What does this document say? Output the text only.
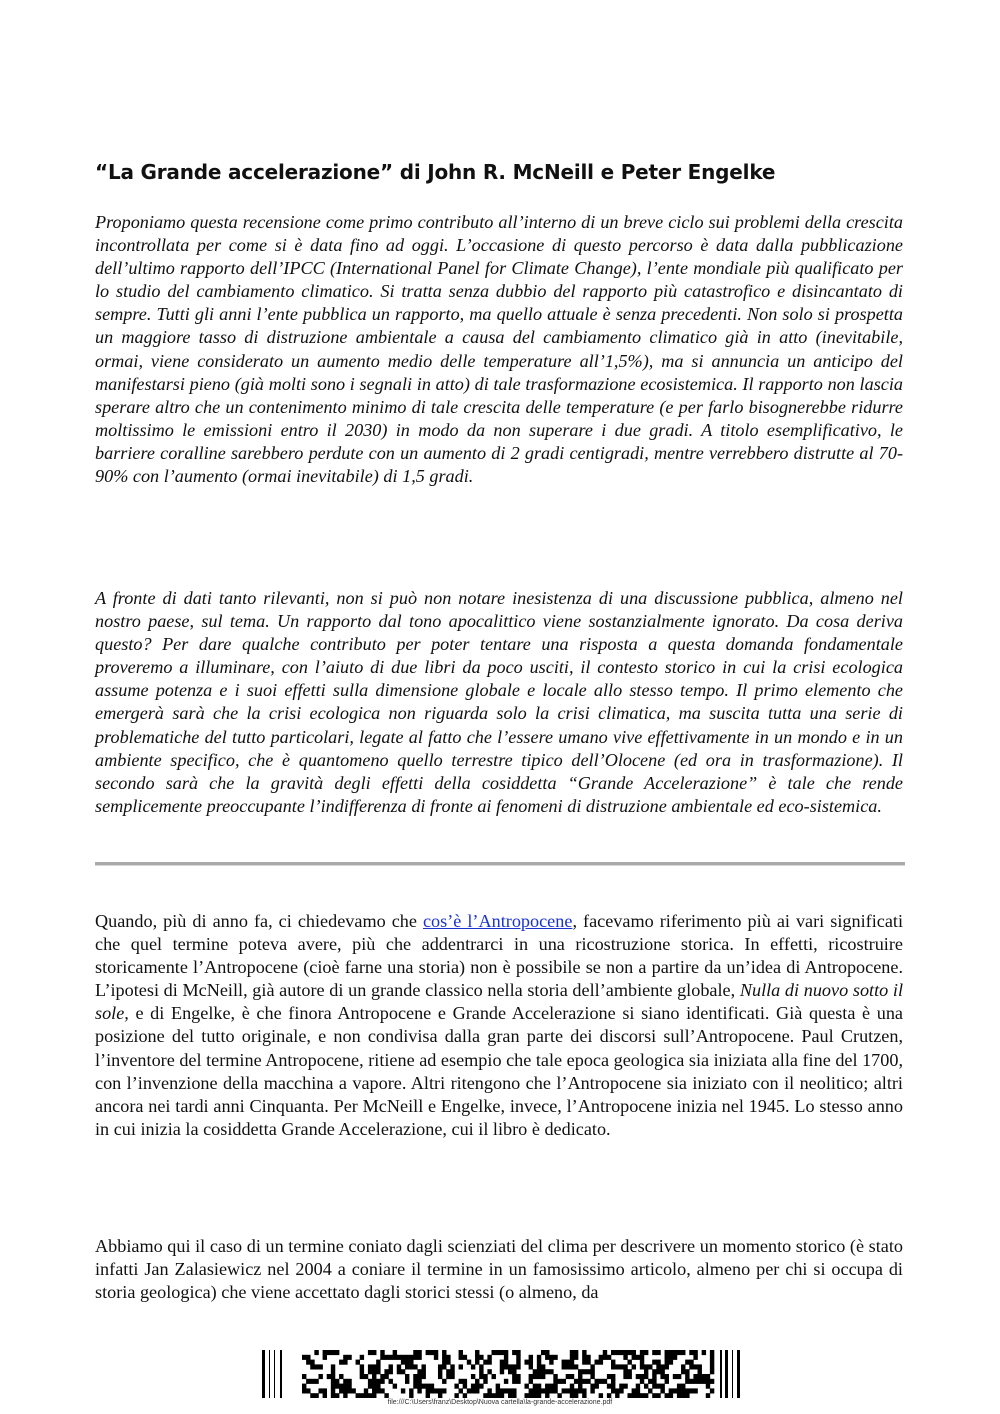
“La Grande accelerazione” di John R. McNeill e Peter Engelke

Proponiamo questa recensione come primo contributo all’interno di un breve ciclo sui problemi della crescita incontrollata per come si è data fino ad oggi. L’occasione di questo percorso è data dalla pubblicazione dell’ultimo rapporto dell’IPCC (International Panel for Climate Change), l’ente mondiale più qualificato per lo studio del cambiamento climatico. Si tratta senza dubbio del rapporto più catastrofico e disincantato di sempre. Tutti gli anni l’ente pubblica un rapporto, ma quello attuale è senza precedenti. Non solo si prospetta un maggiore tasso di distruzione ambientale a causa del cambiamento climatico già in atto (inevitabile, ormai, viene considerato un aumento medio delle temperature all’1,5%), ma si annuncia un anticipo del manifestarsi pieno (già molti sono i segnali in atto) di tale trasformazione ecosistemica. Il rapporto non lascia sperare altro che un contenimento minimo di tale crescita delle temperature (e per farlo bisognerebbe ridurre moltissimo le emissioni entro il 2030) in modo da non superare i due gradi. A titolo esemplificativo, le barriere coralline sarebbero perdute con un aumento di 2 gradi centigradi, mentre verrebbero distrutte al 70-90% con l’aumento (ormai inevitabile) di 1,5 gradi.

A fronte di dati tanto rilevanti, non si può non notare inesistenza di una discussione pubblica, almeno nel nostro paese, sul tema. Un rapporto dal tono apocalittico viene sostanzialmente ignorato. Da cosa deriva questo? Per dare qualche contributo per poter tentare una risposta a questa domanda fondamentale proveremo a illuminare, con l’aiuto di due libri da poco usciti, il contesto storico in cui la crisi ecologica assume potenza e i suoi effetti sulla dimensione globale e locale allo stesso tempo. Il primo elemento che emergerà sarà che la crisi ecologica non riguarda solo la crisi climatica, ma suscita tutta una serie di problematiche del tutto particolari, legate al fatto che l’essere umano vive effettivamente in un mondo e in un ambiente specifico, che è quantomeno quello terrestre tipico dell’Olocene (ed ora in trasformazione). Il secondo sarà che la gravità degli effetti della cosiddetta “Grande Accelerazione” è tale che rende semplicemente preoccupante l’indifferenza di fronte ai fenomeni di distruzione ambientale ed eco-sistemica.

Quando, più di anno fa, ci chiedevamo che cos’è l’Antropocene, facevamo riferimento più ai vari significati che quel termine poteva avere, più che addentrarci in una ricostruzione storica. In effetti, ricostruire storicamente l’Antropocene (cioè farne una storia) non è possibile se non a partire da un’idea di Antropocene. L’ipotesi di McNeill, già autore di un grande classico nella storia dell’ambiente globale, Nulla di nuovo sotto il sole, e di Engelke, è che finora Antropocene e Grande Accelerazione si siano identificati. Già questa è una posizione del tutto originale, e non condivisa dalla gran parte dei discorsi sull’Antropocene. Paul Crutzen, l’inventore del termine Antropocene, ritiene ad esempio che tale epoca geologica sia iniziata alla fine del 1700, con l’invenzione della macchina a vapore. Altri ritengono che l’Antropocene sia iniziato con il neolitico; altri ancora nei tardi anni Cinquanta. Per McNeill e Engelke, invece, l’Antropocene inizia nel 1945. Lo stesso anno in cui inizia la cosiddetta Grande Accelerazione, cui il libro è dedicato.

Abbiamo qui il caso di un termine coniato dagli scienziati del clima per descrivere un momento storico (è stato infatti Jan Zalasiewicz nel 2004 a coniare il termine in un famosissimo articolo, almeno per chi si occupa di storia geologica) che viene accettato dagli storici stessi (o almeno, da

file:///C:\Users\franz\Desktop\Nuova cartella\la-grande-accelerazione.pdf
